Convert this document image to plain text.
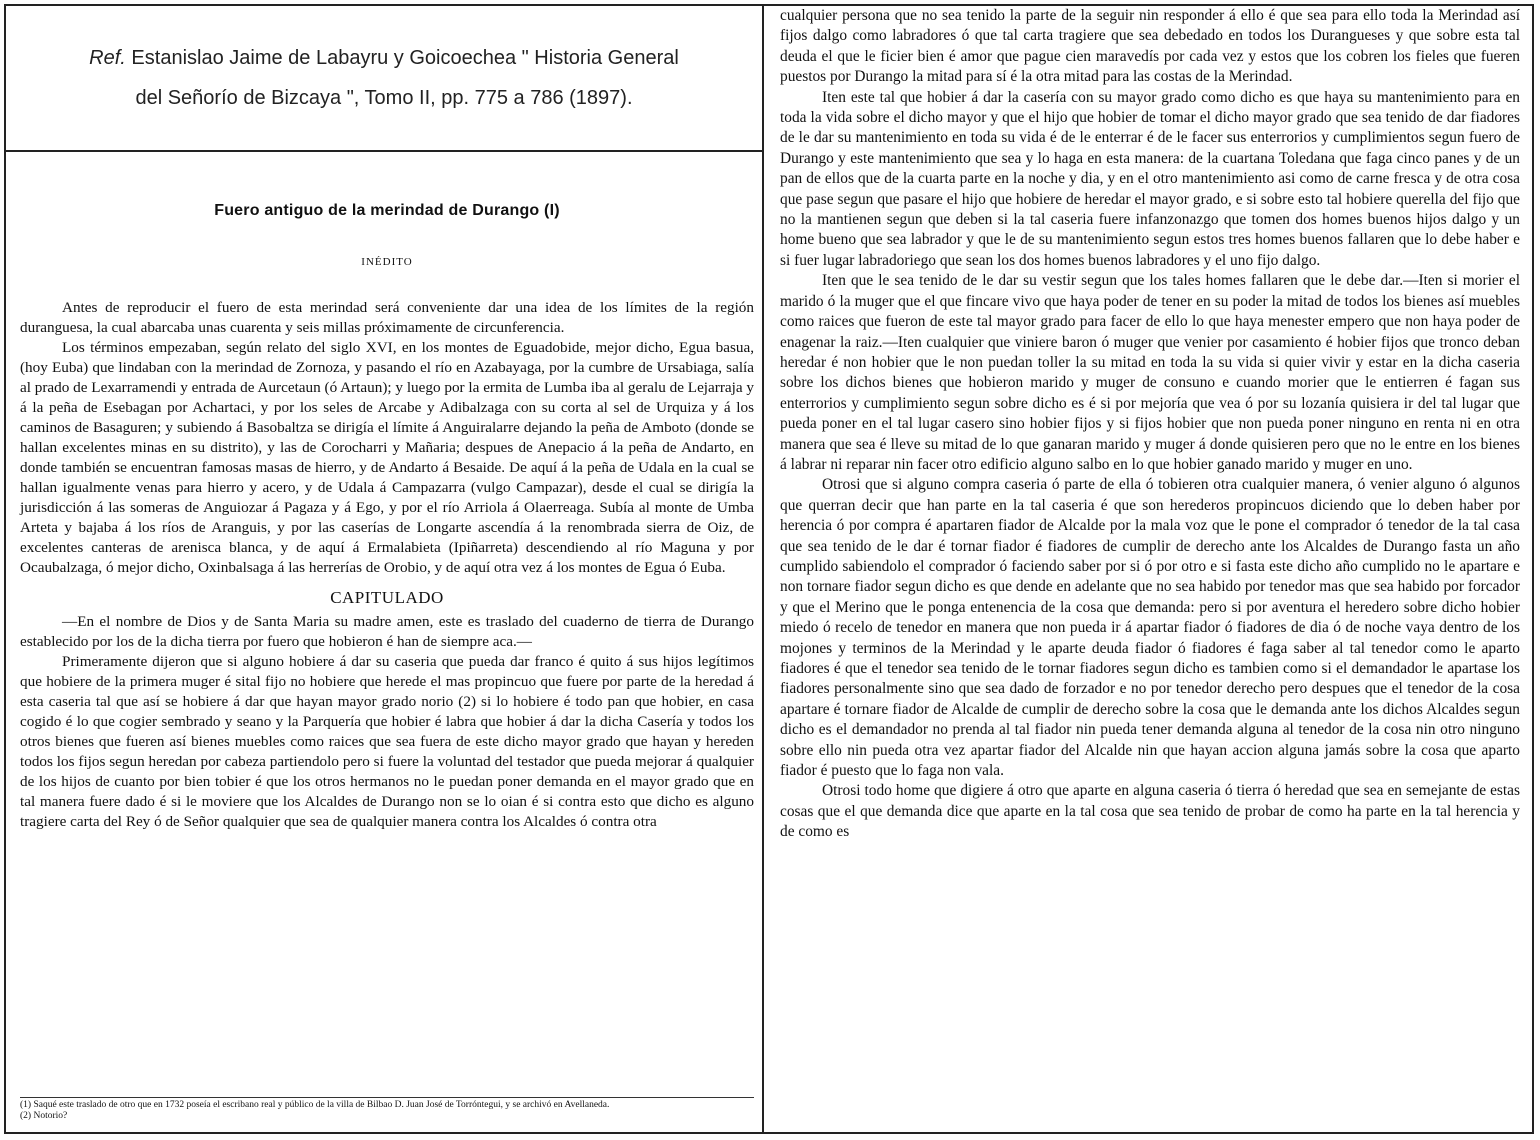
Ref. Estanislao Jaime de Labayru y Goicoechea " Historia General
del Señorío de Bizcaya ", Tomo II, pp. 775 a 786 (1897).
Fuero antiguo de la merindad de Durango (I)
INÉDITO

Antes de reproducir el fuero de esta merindad será conveniente dar una idea de los límites de la región duranguesa, la cual abarcaba unas cuarenta y seis millas próximamente de circunferencia.

Los términos empezaban, según relato del siglo XVI, en los montes de Eguadobide, mejor dicho, Egua basua, (hoy Euba) que lindaban con la merindad de Zornoza, y pasando el río en Azabayaga, por la cumbre de Ursabiaga, salía al prado de Lexarramendi y entrada de Aurcetaun (ó Artaun); y luego por la ermita de Lumba iba al geralu de Lejarraja y á la peña de Esebagan por Achartaci, y por los seles de Arcabe y Adibalzaga con su corta al sel de Urquiza y á los caminos de Basaguren; y subiendo á Basobaltza se dirigía el límite á Anguiralarre dejando la peña de Amboto (donde se hallan excelentes minas en su distrito), y las de Corocharri y Mañaria; despues de Anepacio á la peña de Andarto, en donde también se encuentran famosas masas de hierro, y de Andarto á Besaide. De aquí á la peña de Udala en la cual se hallan igualmente venas para hierro y acero, y de Udala á Campazarra (vulgo Campazar), desde el cual se dirigía la jurisdicción á las someras de Anguiozar á Pagaza y á Ego, y por el río Arriola á Olaerreaga. Subía al monte de Umba Arteta y bajaba á los ríos de Aranguis, y por las caserías de Longarte ascendía á la renombrada sierra de Oiz, de excelentes canteras de arenisca blanca, y de aquí á Ermalabieta (Ipiñarreta) descendiendo al río Maguna y por Ocaubalzaga, ó mejor dicho, Oxinbalsaga á las herrerías de Orobio, y de aquí otra vez á los montes de Egua ó Euba.

CAPITULADO

—En el nombre de Dios y de Santa Maria su madre amen, este es traslado del cuaderno de tierra de Durango establecido por los de la dicha tierra por fuero que hobieron é han de siempre aca.—

Primeramente dijeron que si alguno hobiere á dar su caseria que pueda dar franco é quito á sus hijos legítimos que hobiere de la primera muger é sital fijo no hobiere que herede el mas propincuo que fuere por parte de la heredad á esta caseria tal que así se hobiere á dar que hayan mayor grado norio (2) si lo hobiere é todo pan que hobier, en casa cogido é lo que cogier sembrado y seano y la Parquería que hobier é labra que hobier á dar la dicha Casería y todos los otros bienes que fueren así bienes muebles como raices que sea fuera de este dicho mayor grado que hayan y hereden todos los fijos segun heredan por cabeza partiendolo pero si fuere la voluntad del testador que pueda mejorar á qualquier de los hijos de cuanto por bien tobier é que los otros hermanos no le puedan poner demanda en el mayor grado que en tal manera fuere dado é si le moviere que los Alcaldes de Durango non se lo oian é si contra esto que dicho es alguno tragiere carta del Rey ó de Señor qualquier que sea de qualquier manera contra los Alcaldes ó contra otra

(1) Saqué este traslado de otro que en 1732 poseía el escribano real y público de la villa de Bilbao D. Juan José de Torróntegui, y se archivó en Avellaneda.
(2) Notorio?

cualquier persona que no sea tenido la parte de la seguir nin responder á ello é que sea para ello toda la Merindad así fijos dalgo como labradores ó que tal carta tragiere que sea debedado en todos los Durangueses y que sobre esta tal deuda el que le ficier bien é amor que pague cien maravedís por cada vez y estos que los cobren los fieles que fueren puestos por Durango la mitad para sí é la otra mitad para las costas de la Merindad.

Iten este tal que hobier á dar la casería con su mayor grado como dicho es que haya su mantenimiento para en toda la vida sobre el dicho mayor y que el hijo que hobier de tomar el dicho mayor grado que sea tenido de dar fiadores de le dar su mantenimiento en toda su vida é de le enterrar é de le facer sus enterrorios y cumplimientos segun fuero de Durango y este mantenimiento que sea y lo haga en esta manera: de la cuartana Toledana que faga cinco panes y de un pan de ellos que de la cuarta parte en la noche y dia, y en el otro mantenimiento asi como de carne fresca y de otra cosa que pase segun que pasare el hijo que hobiere de heredar el mayor grado, e si sobre esto tal hobiere querella del fijo que no la mantienen segun que deben si la tal caseria fuere infanzonazgo que tomen dos homes buenos hijos dalgo y un home bueno que sea labrador y que le de su mantenimiento segun estos tres homes buenos fallaren que lo debe haber e si fuer lugar labradoriego que sean los dos homes buenos labradores y el uno fijo dalgo.

Iten que le sea tenido de le dar su vestir segun que los tales homes fallaren que le debe dar.—Iten si morier el marido ó la muger que el que fincare vivo que haya poder de tener en su poder la mitad de todos los bienes así muebles como raices que fueron de este tal mayor grado para facer de ello lo que haya menester empero que non haya poder de enagenar la raiz.—Iten cualquier que viniere baron ó muger que venier por casamiento é hobier fijos que tronco deban heredar é non hobier que le non puedan toller la su mitad en toda la su vida si quier vivir y estar en la dicha caseria sobre los dichos bienes que hobieron marido y muger de consuno e cuando morier que le entierren é fagan sus enterrorios y cumplimiento segun sobre dicho es é si por mejoría que vea ó por su lozanía quisiera ir del tal lugar que pueda poner en el tal lugar casero sino hobier fijos y si fijos hobier que non pueda poner ninguno en renta ni en otra manera que sea é lleve su mitad de lo que ganaran marido y muger á donde quisieren pero que no le entre en los bienes á labrar ni reparar nin facer otro edificio alguno salbo en lo que hobier ganado marido y muger en uno.

Otrosi que si alguno compra caseria ó parte de ella ó tobieren otra cualquier manera, ó venier alguno ó algunos que querran decir que han parte en la tal caseria é que son herederos propincuos diciendo que lo deben haber por herencia ó por compra é apartaren fiador de Alcalde por la mala voz que le pone el comprador ó tenedor de la tal casa que sea tenido de le dar é tornar fiador é fiadores de cumplir de derecho ante los Alcaldes de Durango fasta un año cumplido sabiendolo el comprador ó faciendo saber por si ó por otro e si fasta este dicho año cumplido no le apartare e non tornare fiador segun dicho es que dende en adelante que no sea habido por tenedor mas que sea habido por forcador y que el Merino que le ponga entenencia de la cosa que demanda: pero si por aventura el heredero sobre dicho hobier miedo ó recelo de tenedor en manera que non pueda ir á apartar fiador ó fiadores de dia ó de noche vaya dentro de los mojones y terminos de la Merindad y le aparte deuda fiador ó fiadores é faga saber al tal tenedor como le aparto fiadores é que el tenedor sea tenido de le tornar fiadores segun dicho es tambien como si el demandador le apartase los fiadores personalmente sino que sea dado de forzador e no por tenedor derecho pero despues que el tenedor de la cosa apartare é tornare fiador de Alcalde de cumplir de derecho sobre la cosa que le demanda ante los dichos Alcaldes segun dicho es el demandador no prenda al tal fiador nin pueda tener demanda alguna al tenedor de la cosa nin otro ninguno sobre ello nin pueda otra vez apartar fiador del Alcalde nin que hayan accion alguna jamás sobre la cosa que aparto fiador é puesto que lo faga non vala.

Otrosi todo home que digiere á otro que aparte en alguna caseria ó tierra ó heredad que sea en semejante de estas cosas que el que demanda dice que aparte en la tal cosa que sea tenido de probar de como ha parte en la tal herencia y de como es
